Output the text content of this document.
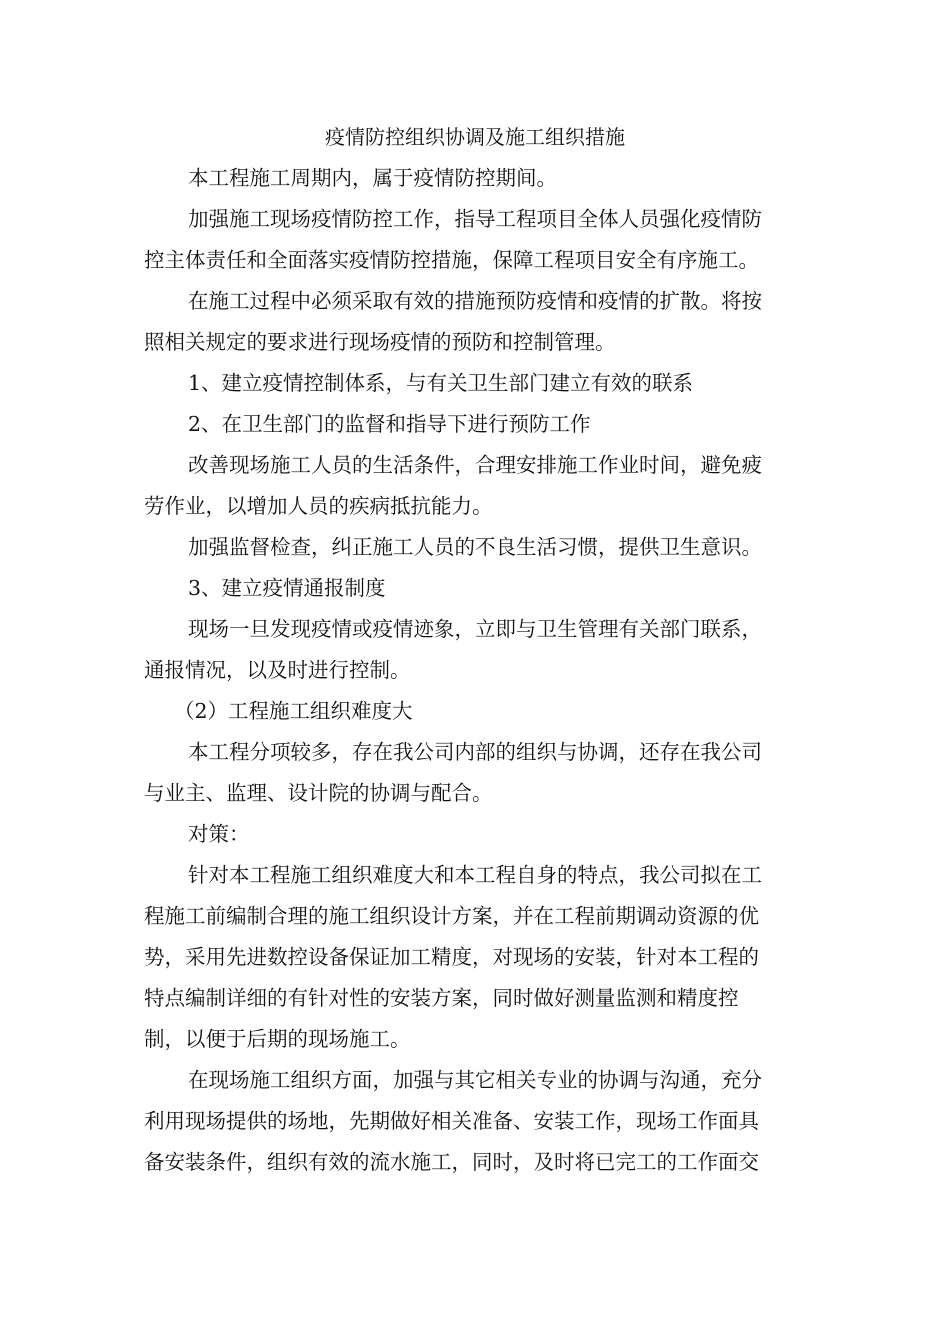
疫情防控组织协调及施工组织措施

本工程施工周期内，属于疫情防控期间。

加强施工现场疫情防控工作，指导工程项目全体人员强化疫情防

控主体责任和全面落实疫情防控措施，保障工程项目安全有序施工。

在施工过程中必须采取有效的措施预防疫情和疫情的扩散。将按

照相关规定的要求进行现场疫情的预防和控制管理。

1、建立疫情控制体系，与有关卫生部门建立有效的联系

2、在卫生部门的监督和指导下进行预防工作

改善现场施工人员的生活条件，合理安排施工作业时间，避免疲

劳作业，以增加人员的疾病抵抗能力。

加强监督检查，纠正施工人员的不良生活习惯，提供卫生意识。

3、建立疫情通报制度

现场一旦发现疫情或疫情迹象，立即与卫生管理有关部门联系，

通报情况，以及时进行控制。

（2）工程施工组织难度大

本工程分项较多，存在我公司内部的组织与协调，还存在我公司

与业主、监理、设计院的协调与配合。

对策：

针对本工程施工组织难度大和本工程自身的特点，我公司拟在工

程施工前编制合理的施工组织设计方案，并在工程前期调动资源的优

势，采用先进数控设备保证加工精度，对现场的安装，针对本工程的

特点编制详细的有针对性的安装方案，同时做好测量监测和精度控

制，以便于后期的现场施工。

在现场施工组织方面，加强与其它相关专业的协调与沟通，充分

利用现场提供的场地，先期做好相关准备、安装工作，现场工作面具

备安装条件，组织有效的流水施工，同时，及时将已完工的工作面交
